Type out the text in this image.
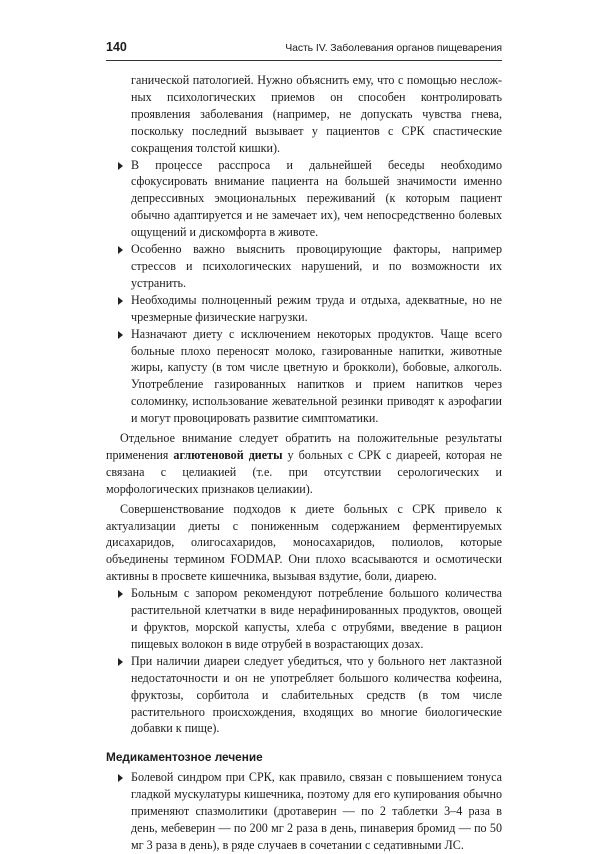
140	Часть IV. Заболевания органов пищеварения

ганической патологией. Нужно объяснить ему, что с помощью неслож-ных психологических приемов он способен контролировать проявления заболевания (например, не допускать чувства гнева, поскольку последний вызывает у пациентов с СРК спастические сокращения толстой кишки).

В процессе расспроса и дальнейшей беседы необходимо сфокусировать внимание пациента на большей значимости именно депрессивных эмоциональных переживаний (к которым пациент обычно адаптируется и не замечает их), чем непосредственно болевых ощущений и дискомфорта в животе.
Особенно важно выяснить провоцирующие факторы, например стрессов и психологических нарушений, и по возможности их устранить.
Необходимы полноценный режим труда и отдыха, адекватные, но не чрезмерные физические нагрузки.
Назначают диету с исключением некоторых продуктов. Чаще всего больные плохо переносят молоко, газированные напитки, животные жиры, капусту (в том числе цветную и брокколи), бобовые, алкоголь. Употребление газированных напитков и прием напитков через соломинку, использование жевательной резинки приводят к аэрофагии и могут провоцировать развитие симптоматики.

Отдельное внимание следует обратить на положительные результаты применения аглютеновой диеты у больных с СРК с диареей, которая не связана с целиакией (т.е. при отсутствии серологических и морфологических признаков целиакии).

Совершенствование подходов к диете больных с СРК привело к актуализации диеты с пониженным содержанием ферментируемых дисахаридов, олигосахаридов, моносахаридов, полиолов, которые объединены термином FODMAP. Они плохо всасываются и осмотически активны в просвете кишечника, вызывая вздутие, боли, диарею.

Больным с запором рекомендуют потребление большого количества растительной клетчатки в виде нерафинированных продуктов, овощей и фруктов, морской капусты, хлеба с отрубями, введение в рацион пищевых волокон в виде отрубей в возрастающих дозах.
При наличии диареи следует убедиться, что у больного нет лактазной недостаточности и он не употребляет большого количества кофеина, фруктозы, сорбитола и слабительных средств (в том числе растительного происхождения, входящих во многие биологические добавки к пище).
Медикаментозное лечение
Болевой синдром при СРК, как правило, связан с повышением тонуса гладкой мускулатуры кишечника, поэтому для его купирования обычно применяют спазмолитики (дротаверин — по 2 таблетки 3–4 раза в день, мебеверин — по 200 мг 2 раза в день, пинаверия бромид — по 50 мг 3 раза в день), в ряде случаев в сочетании с седативными ЛС.
